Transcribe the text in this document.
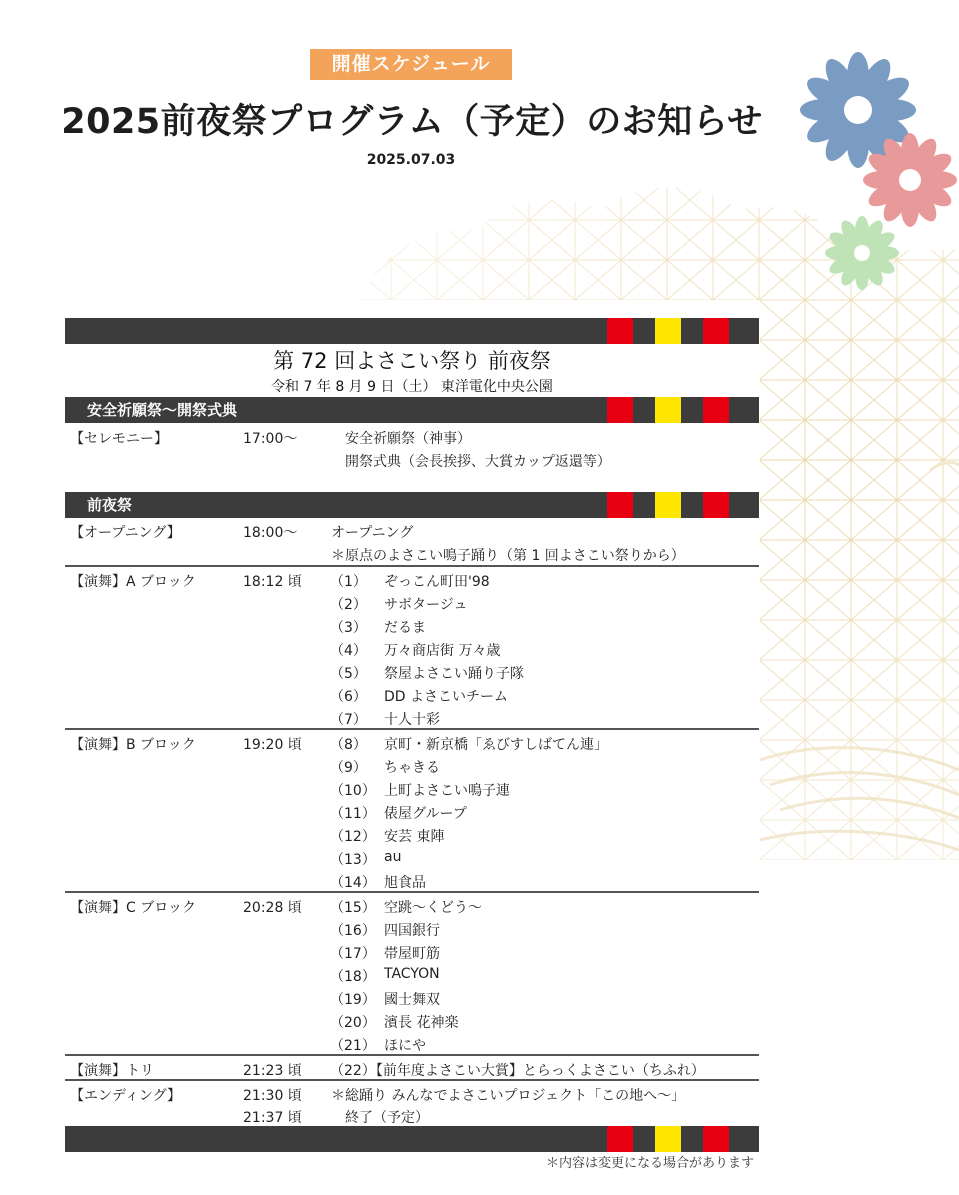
開催スケジュール
2025前夜祭プログラム（予定）のお知らせ
2025.07.03
第 72 回よさこい祭り 前夜祭
令和 7 年 8 月 9 日（土） 東洋電化中央公園
安全祈願祭～開祭式典
【セレモニー】	17:00～	安全祈願祭（神事）
開祭式典（会長挨拶、大賞カップ返還等）
前夜祭
【オープニング】	18:00～ オープニング
＊原点のよさこい鳴子踊り（第 1 回よさこい祭りから）
【演舞】A ブロック	18:12 頃 （1） ぞっこん町田'98
（2） サボタージュ
（3） だるま
（4） 万々商店街 万々歳
（5） 祭屋よさこい踊り子隊
（6） DD よさこいチーム
（7） 十人十彩
【演舞】B ブロック	19:20 頃 （8） 京町・新京橋「ゑびすしばてん連」
（9） ちゃきる
（10） 上町よさこい鳴子連
（11） 俵屋グループ
（12） 安芸 東陣
（13） au
（14） 旭食品
【演舞】C ブロック	20:28 頃 （15） 空跳～くどう～
（16） 四国銀行
（17） 帯屋町筋
（18） TACYON
（19） 國士舞双
（20） 濱長 花神楽
（21） ほにや
【演舞】トリ	21:23 頃 （22）【前年度よさこい大賞】とらっくよさこい（ちふれ）
【エンディング】	21:30 頃 ＊総踊り みんなでよさこいプロジェクト「この地へ～」
21:37 頃	終了（予定）
＊内容は変更になる場合があります
